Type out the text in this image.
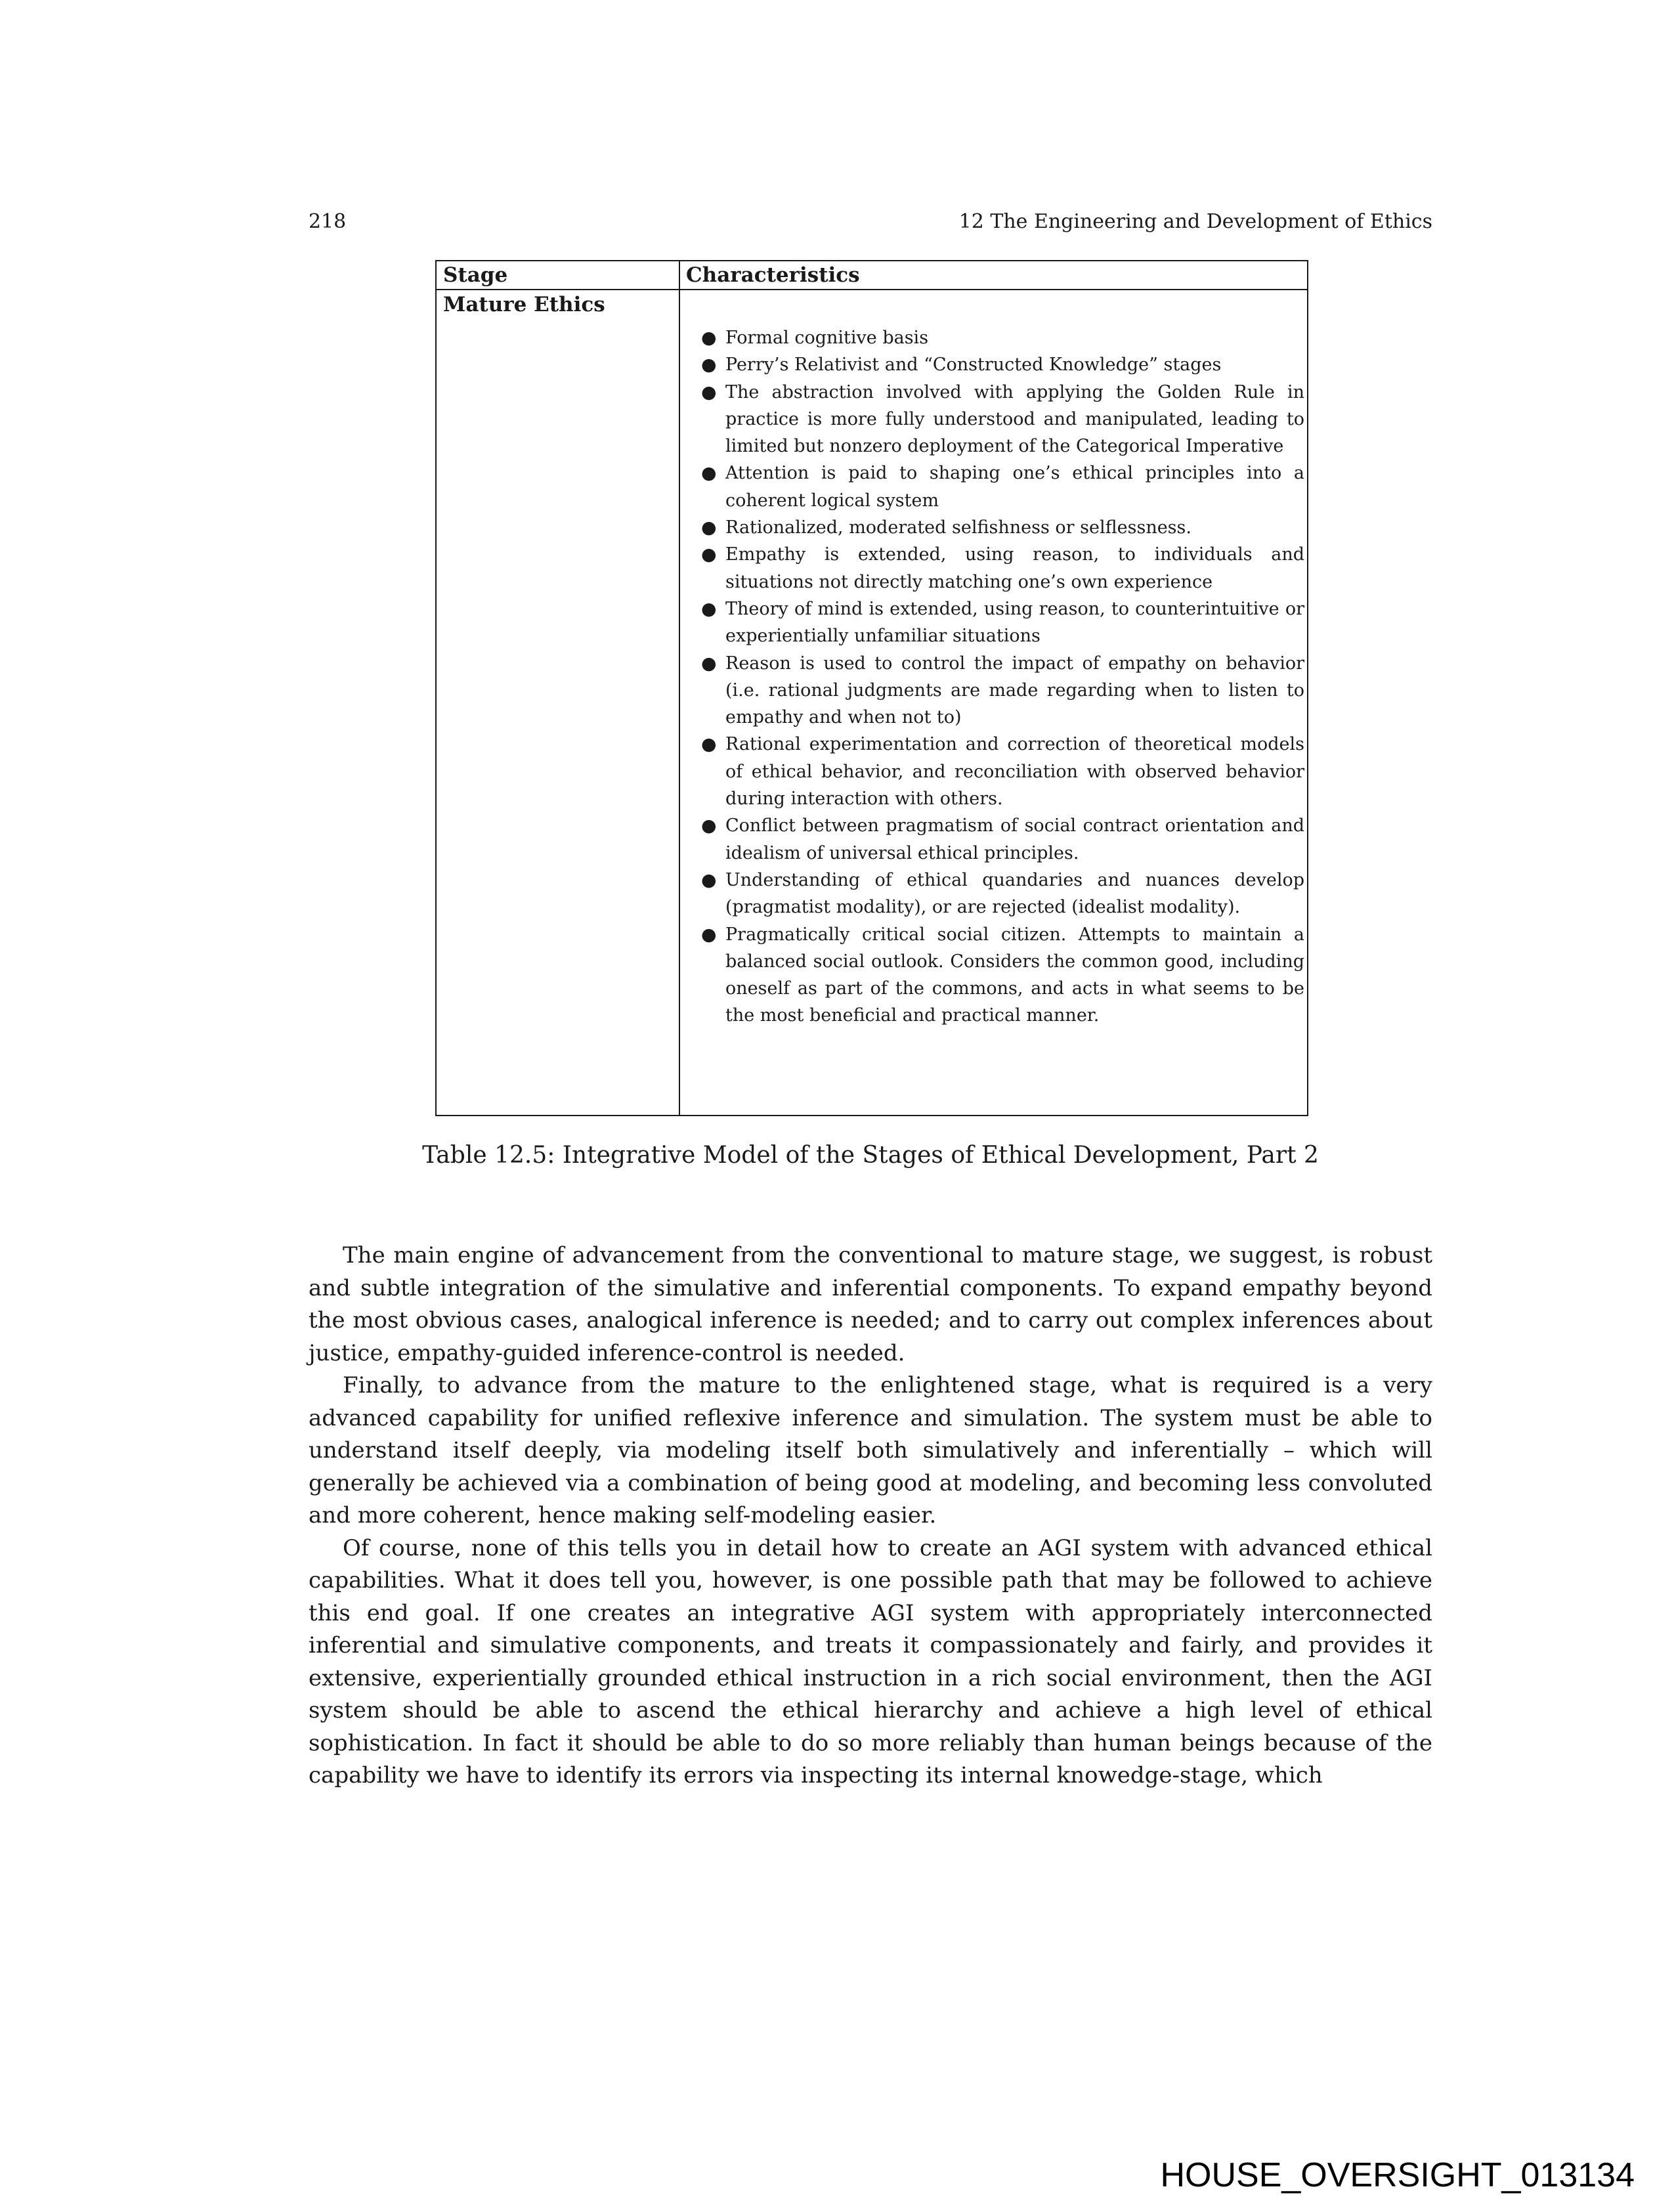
218	12 The Engineering and Development of Ethics
Stage	Characteristics
Mature Ethics
● Formal cognitive basis
● Perry’s Relativist and “Constructed Knowledge” stages
● The abstraction involved with applying the Golden Rule in practice is more fully understood and manipulated, leading to limited but nonzero deployment of the Categorical Imperative
● Attention is paid to shaping one’s ethical principles into a coherent logical system
● Rationalized, moderated selfishness or selflessness.
● Empathy is extended, using reason, to individuals and situations not directly matching one’s own experience
● Theory of mind is extended, using reason, to counterintuitive or experientially unfamiliar situations
● Reason is used to control the impact of empathy on behavior (i.e. rational judgments are made regarding when to listen to empathy and when not to)
● Rational experimentation and correction of theoretical models of ethical behavior, and reconciliation with observed behavior during interaction with others.
● Conflict between pragmatism of social contract orientation and idealism of universal ethical principles.
● Understanding of ethical quandaries and nuances develop (pragmatist modality), or are rejected (idealist modality).
● Pragmatically critical social citizen. Attempts to maintain a balanced social outlook. Considers the common good, including oneself as part of the commons, and acts in what seems to be the most beneficial and practical manner.
Table 12.5: Integrative Model of the Stages of Ethical Development, Part 2

The main engine of advancement from the conventional to mature stage, we suggest, is robust and subtle integration of the simulative and inferential components. To expand empathy beyond the most obvious cases, analogical inference is needed; and to carry out complex inferences about justice, empathy-guided inference-control is needed.

Finally, to advance from the mature to the enlightened stage, what is required is a very advanced capability for unified reflexive inference and simulation. The system must be able to understand itself deeply, via modeling itself both simulatively and inferentially – which will generally be achieved via a combination of being good at modeling, and becoming less convoluted and more coherent, hence making self-modeling easier.

Of course, none of this tells you in detail how to create an AGI system with advanced ethical capabilities. What it does tell you, however, is one possible path that may be followed to achieve this end goal. If one creates an integrative AGI system with appropriately interconnected inferential and simulative components, and treats it compassionately and fairly, and provides it extensive, experientially grounded ethical instruction in a rich social environment, then the AGI system should be able to ascend the ethical hierarchy and achieve a high level of ethical sophistication. In fact it should be able to do so more reliably than human beings because of the capability we have to identify its errors via inspecting its internal knowedge-stage, which

HOUSE_OVERSIGHT_013134
